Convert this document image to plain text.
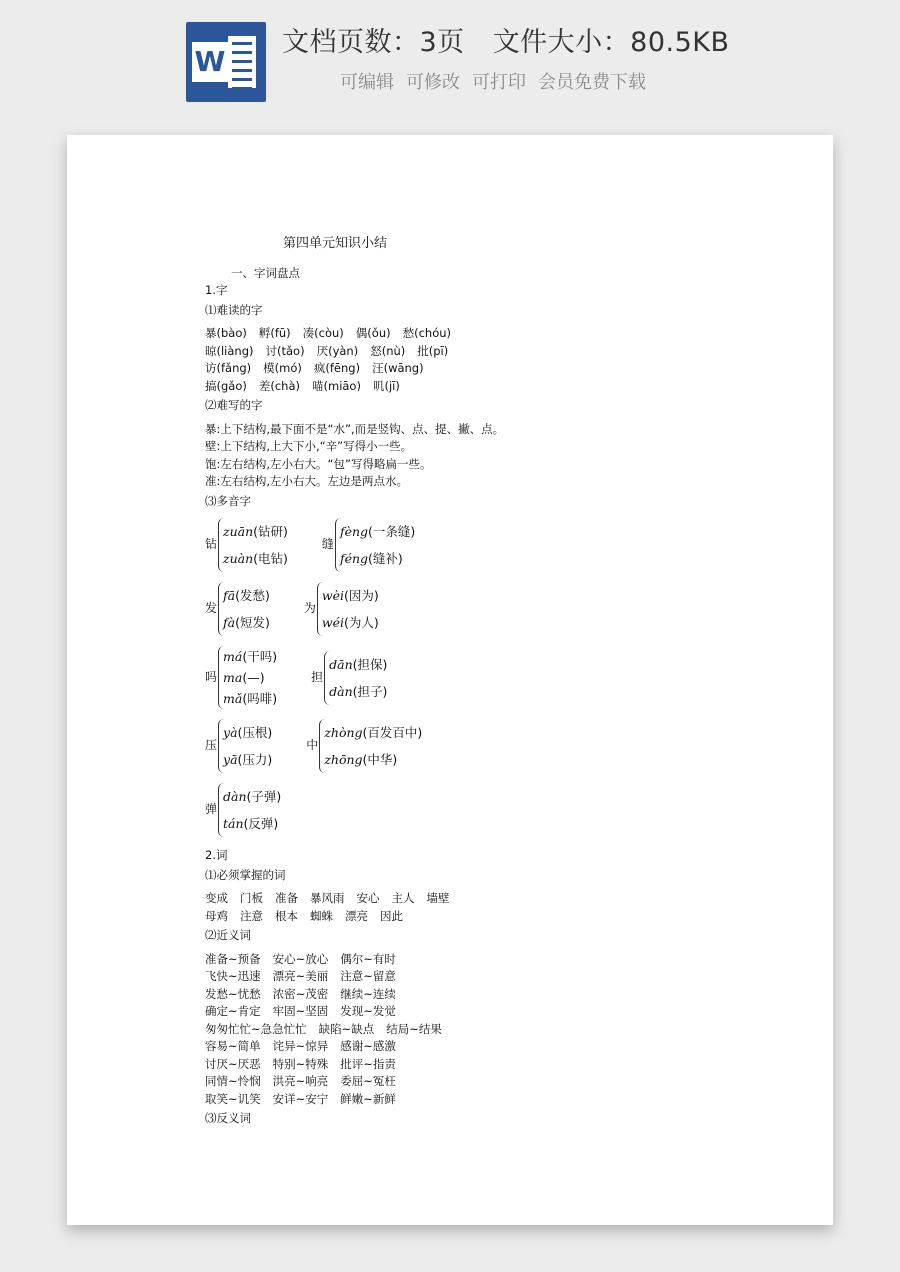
W
文档页数：3页 文件大小：80.5KB
可编辑 可修改 可打印 会员免费下载
第四单元知识小结
一、字词盘点
1.字
⑴难读的字
暴(bào) 孵(fū) 凑(còu) 偶(ǒu) 愁(chóu)
晾(liàng) 讨(tǎo) 厌(yàn) 怒(nù) 批(pī)
访(fǎng) 模(mó) 疯(fēng) 汪(wāng)
搞(gǎo) 差(chà) 喵(miāo) 叽(jī)
⑵难写的字
暴:上下结构,最下面不是“水”,而是竖钩、点、提、撇、点。
壁:上下结构,上大下小,“辛”写得小一些。
饱:左右结构,左小右大。“包”写得略扁一些。
准:左右结构,左小右大。左边是两点水。
⑶多音字
钻
zuān(钻研)
zuàn(电钻)
缝
fèng(一条缝)
féng(缝补)
发
fā(发愁)
fà(短发)
为
wèi(因为)
wéi(为人)
吗
má(干吗)
ma(—)
mǎ(吗啡)
担
dān(担保)
dàn(担子)
压
yà(压根)
yā(压力)
中
zhòng(百发百中)
zhōng(中华)
弹
dàn(子弹)
tán(反弹)
2.词
⑴必须掌握的词
变成 门板 准备 暴风雨 安心 主人 墙壁
母鸡 注意 根本 蜘蛛 漂亮 因此
⑵近义词
准备~预备 安心~放心 偶尔~有时
飞快~迅速 漂亮~美丽 注意~留意
发愁~忧愁 浓密~茂密 继续~连续
确定~肯定 牢固~坚固 发现~发觉
匆匆忙忙~急急忙忙 缺陷~缺点 结局~结果
容易~简单 诧异~惊异 感谢~感激
讨厌~厌恶 特别~特殊 批评~指责
同情~怜悯 洪亮~响亮 委屈~冤枉
取笑~讥笑 安详~安宁 鲜嫩~新鲜
⑶反义词
